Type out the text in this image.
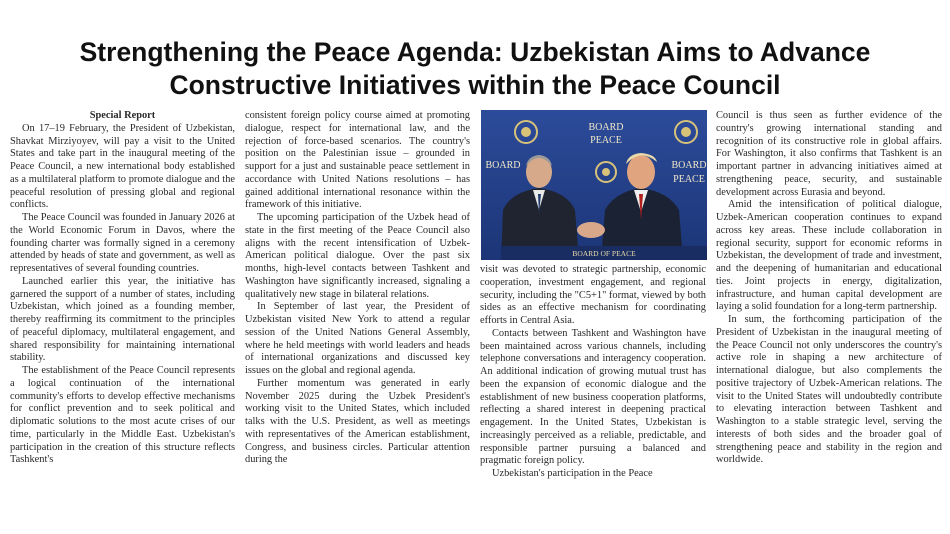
Strengthening the Peace Agenda: Uzbekistan Aims to Advance
Constructive Initiatives within the Peace Council

Special Report

On 17–19 February, the President of Uzbekistan, Shavkat Mirziyoyev, will pay a visit to the United States and take part in the inaugural meeting of the Peace Council, a new international body established as a multilateral platform to promote dialogue and the peaceful resolution of pressing global and regional conflicts.

The Peace Council was founded in January 2026 at the World Economic Forum in Davos, where the founding charter was formally signed in a ceremony attended by heads of state and government, as well as representatives of several founding countries.

Launched earlier this year, the initiative has garnered the support of a number of states, including Uzbekistan, which joined as a founding member, thereby reaffirming its commitment to the principles of peaceful diplomacy, multilateral engagement, and shared responsibility for maintaining international stability.

The establishment of the Peace Council represents a logical continuation of the international community's efforts to develop effective mechanisms for conflict prevention and to seek political and diplomatic solutions to the most acute crises of our time, particularly in the Middle East. Uzbekistan's participation in the creation of this structure reflects Tashkent's

consistent foreign policy course aimed at promoting dialogue, respect for international law, and the rejection of force-based scenarios. The country's position on the Palestinian issue – grounded in support for a just and sustainable peace settlement in accordance with United Nations resolutions – has gained additional international resonance within the framework of this initiative.

The upcoming participation of the Uzbek head of state in the first meeting of the Peace Council also aligns with the recent intensification of Uzbek-American political dialogue. Over the past six months, high-level contacts between Tashkent and Washington have significantly increased, signaling a qualitatively new stage in bilateral relations.

In September of last year, the President of Uzbekistan visited New York to attend a regular session of the United Nations General Assembly, where he held meetings with world leaders and heads of international organizations and discussed key issues on the global and regional agenda.

Further momentum was generated in early November 2025 during the Uzbek President's working visit to the United States, which included talks with the U.S. President, as well as meetings with representatives of the American establishment, Congress, and business circles. Particular attention during the

BOARD
PEACE
BOARD	BOARD
PEACE
BOARD OF PEACE

visit was devoted to strategic partnership, economic cooperation, investment engagement, and regional security, including the "C5+1" format, viewed by both sides as an effective mechanism for coordinating efforts in Central Asia.

Contacts between Tashkent and Washington have been maintained across various channels, including telephone conversations and interagency cooperation. An additional indication of growing mutual trust has been the expansion of economic dialogue and the establishment of new business cooperation platforms, reflecting a shared interest in deepening practical engagement. In the United States, Uzbekistan is increasingly perceived as a reliable, predictable, and responsible partner pursuing a balanced and pragmatic foreign policy.

Uzbekistan's participation in the Peace

Council is thus seen as further evidence of the country's growing international standing and recognition of its constructive role in global affairs. For Washington, it also confirms that Tashkent is an important partner in advancing initiatives aimed at strengthening peace, security, and sustainable development across Eurasia and beyond.

Amid the intensification of political dialogue, Uzbek-American cooperation continues to expand across key areas. These include collaboration in regional security, support for economic reforms in Uzbekistan, the development of trade and investment, and the deepening of humanitarian and educational ties. Joint projects in energy, digitalization, infrastructure, and human capital development are laying a solid foundation for a long-term partnership.

In sum, the forthcoming participation of the President of Uzbekistan in the inaugural meeting of the Peace Council not only underscores the country's active role in shaping a new architecture of international dialogue, but also complements the positive trajectory of Uzbek-American relations. The visit to the United States will undoubtedly contribute to elevating interaction between Tashkent and Washington to a stable strategic level, serving the interests of both sides and the broader goal of strengthening peace and stability in the region and worldwide.
